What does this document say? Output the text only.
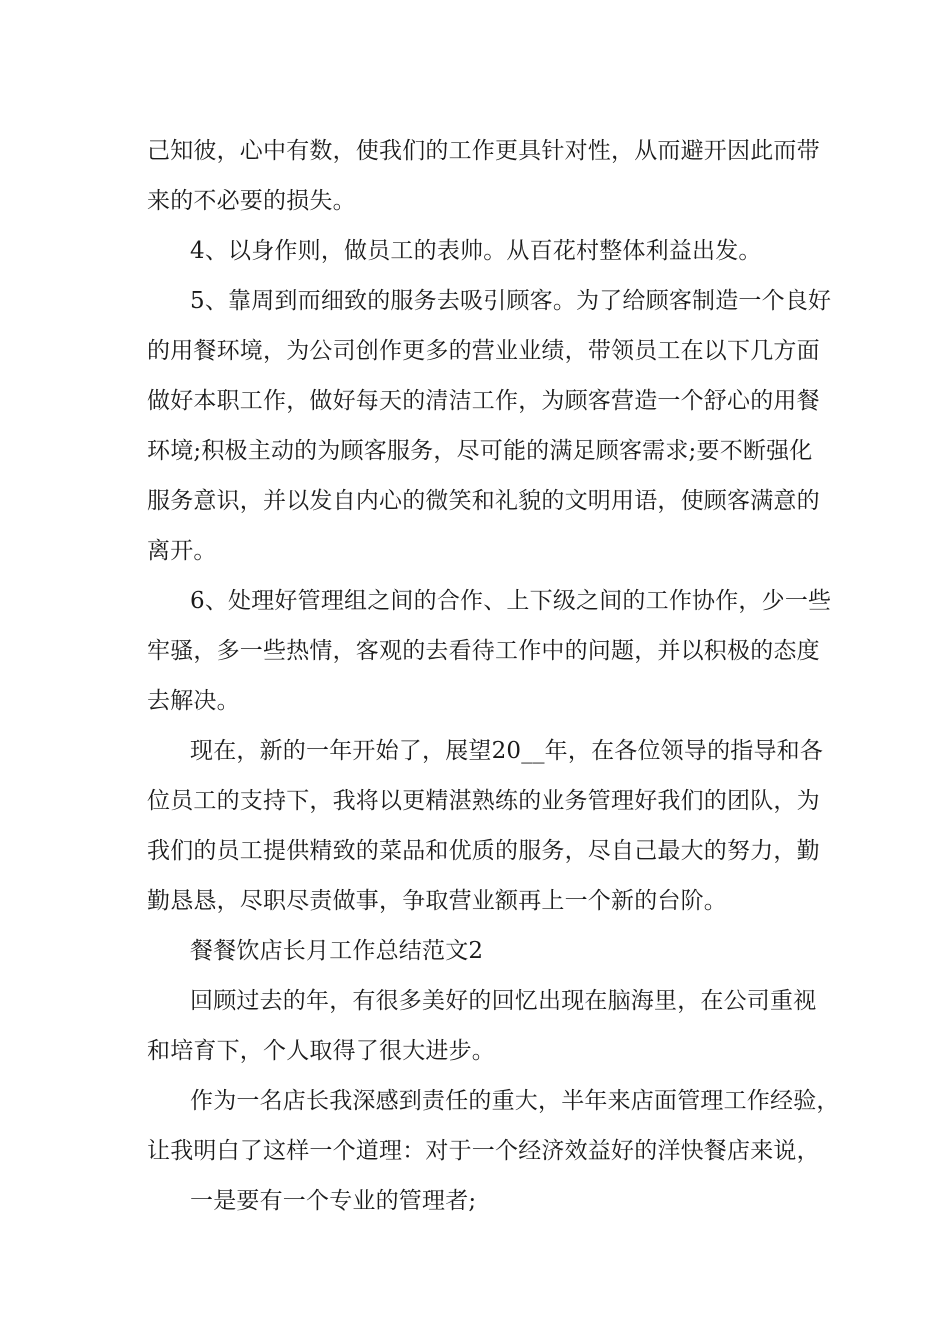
己知彼，心中有数，使我们的工作更具针对性，从而避开因此而带
来的不必要的损失。
4、以身作则，做员工的表帅。从百花村整体利益出发。
5、靠周到而细致的服务去吸引顾客。为了给顾客制造一个良好
的用餐环境，为公司创作更多的营业业绩，带领员工在以下几方面
做好本职工作，做好每天的清洁工作，为顾客营造一个舒心的用餐
环境;积极主动的为顾客服务，尽可能的满足顾客需求;要不断强化
服务意识，并以发自内心的微笑和礼貌的文明用语，使顾客满意的
离开。
6、处理好管理组之间的合作、上下级之间的工作协作，少一些
牢骚，多一些热情，客观的去看待工作中的问题，并以积极的态度
去解决。
现在，新的一年开始了，展望20__年，在各位领导的指导和各
位员工的支持下，我将以更精湛熟练的业务管理好我们的团队，为
我们的员工提供精致的菜品和优质的服务，尽自己最大的努力，勤
勤恳恳，尽职尽责做事，争取营业额再上一个新的台阶。
餐餐饮店长月工作总结范文2
回顾过去的年，有很多美好的回忆出现在脑海里，在公司重视
和培育下，个人取得了很大进步。
作为一名店长我深感到责任的重大，半年来店面管理工作经验，
让我明白了这样一个道理：对于一个经济效益好的洋快餐店来说，
一是要有一个专业的管理者;
